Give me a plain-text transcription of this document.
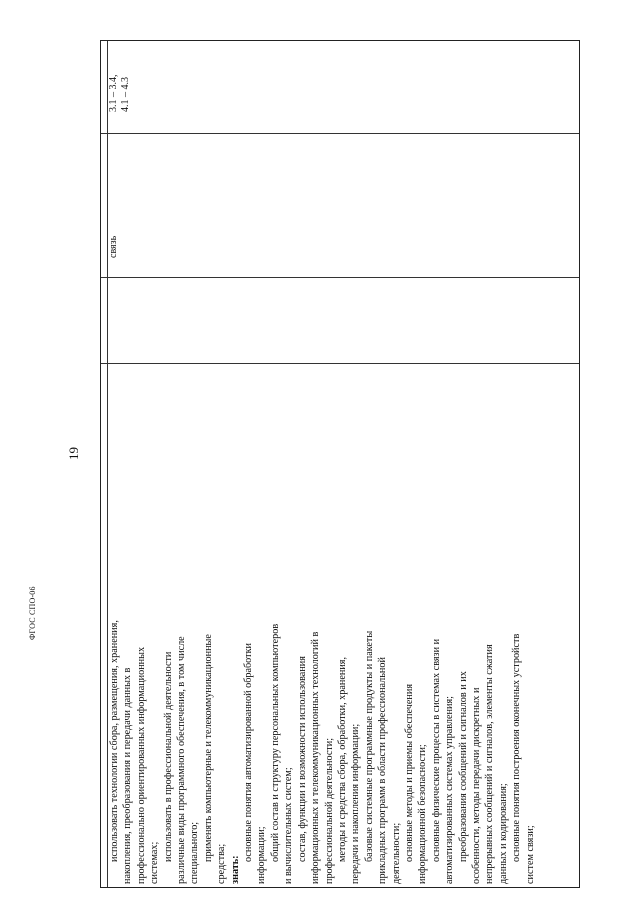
19
ФГОС СПО-06
связь
3.1 – 3.4, 4.1 – 4.3

использовать технологии сбора, размещения, хранения, накопления, преобразования и передачи данных в профессионально ориентированных информационных системах;

использовать в профессиональной деятельности различные виды программного обеспечения, в том числе специального; применять компьютерные и телекоммуникационные

средства; знать:

основные понятия автоматизированной обработки информации; общий состав и структуру персональных компьютеров и вычислительных систем; состав, функции и возможности использования информационных и телекоммуникационных технологий в профессиональной деятельности; методы и средства сбора, обработки, хранения, передачи и накопления информации; базовые системные программные продукты и пакеты прикладных программ в области профессиональной деятельности; основные методы и приемы обеспечения информационной безопасности; основные физические процессы в системах связи и автоматизированных системах управления; преобразования сообщений и сигналов и их особенности, методы передачи дискретных и непрерывных сообщений и сигналов, элементы сжатия данных и кодирования; основные понятия построения оконечных устройств систем связи;
